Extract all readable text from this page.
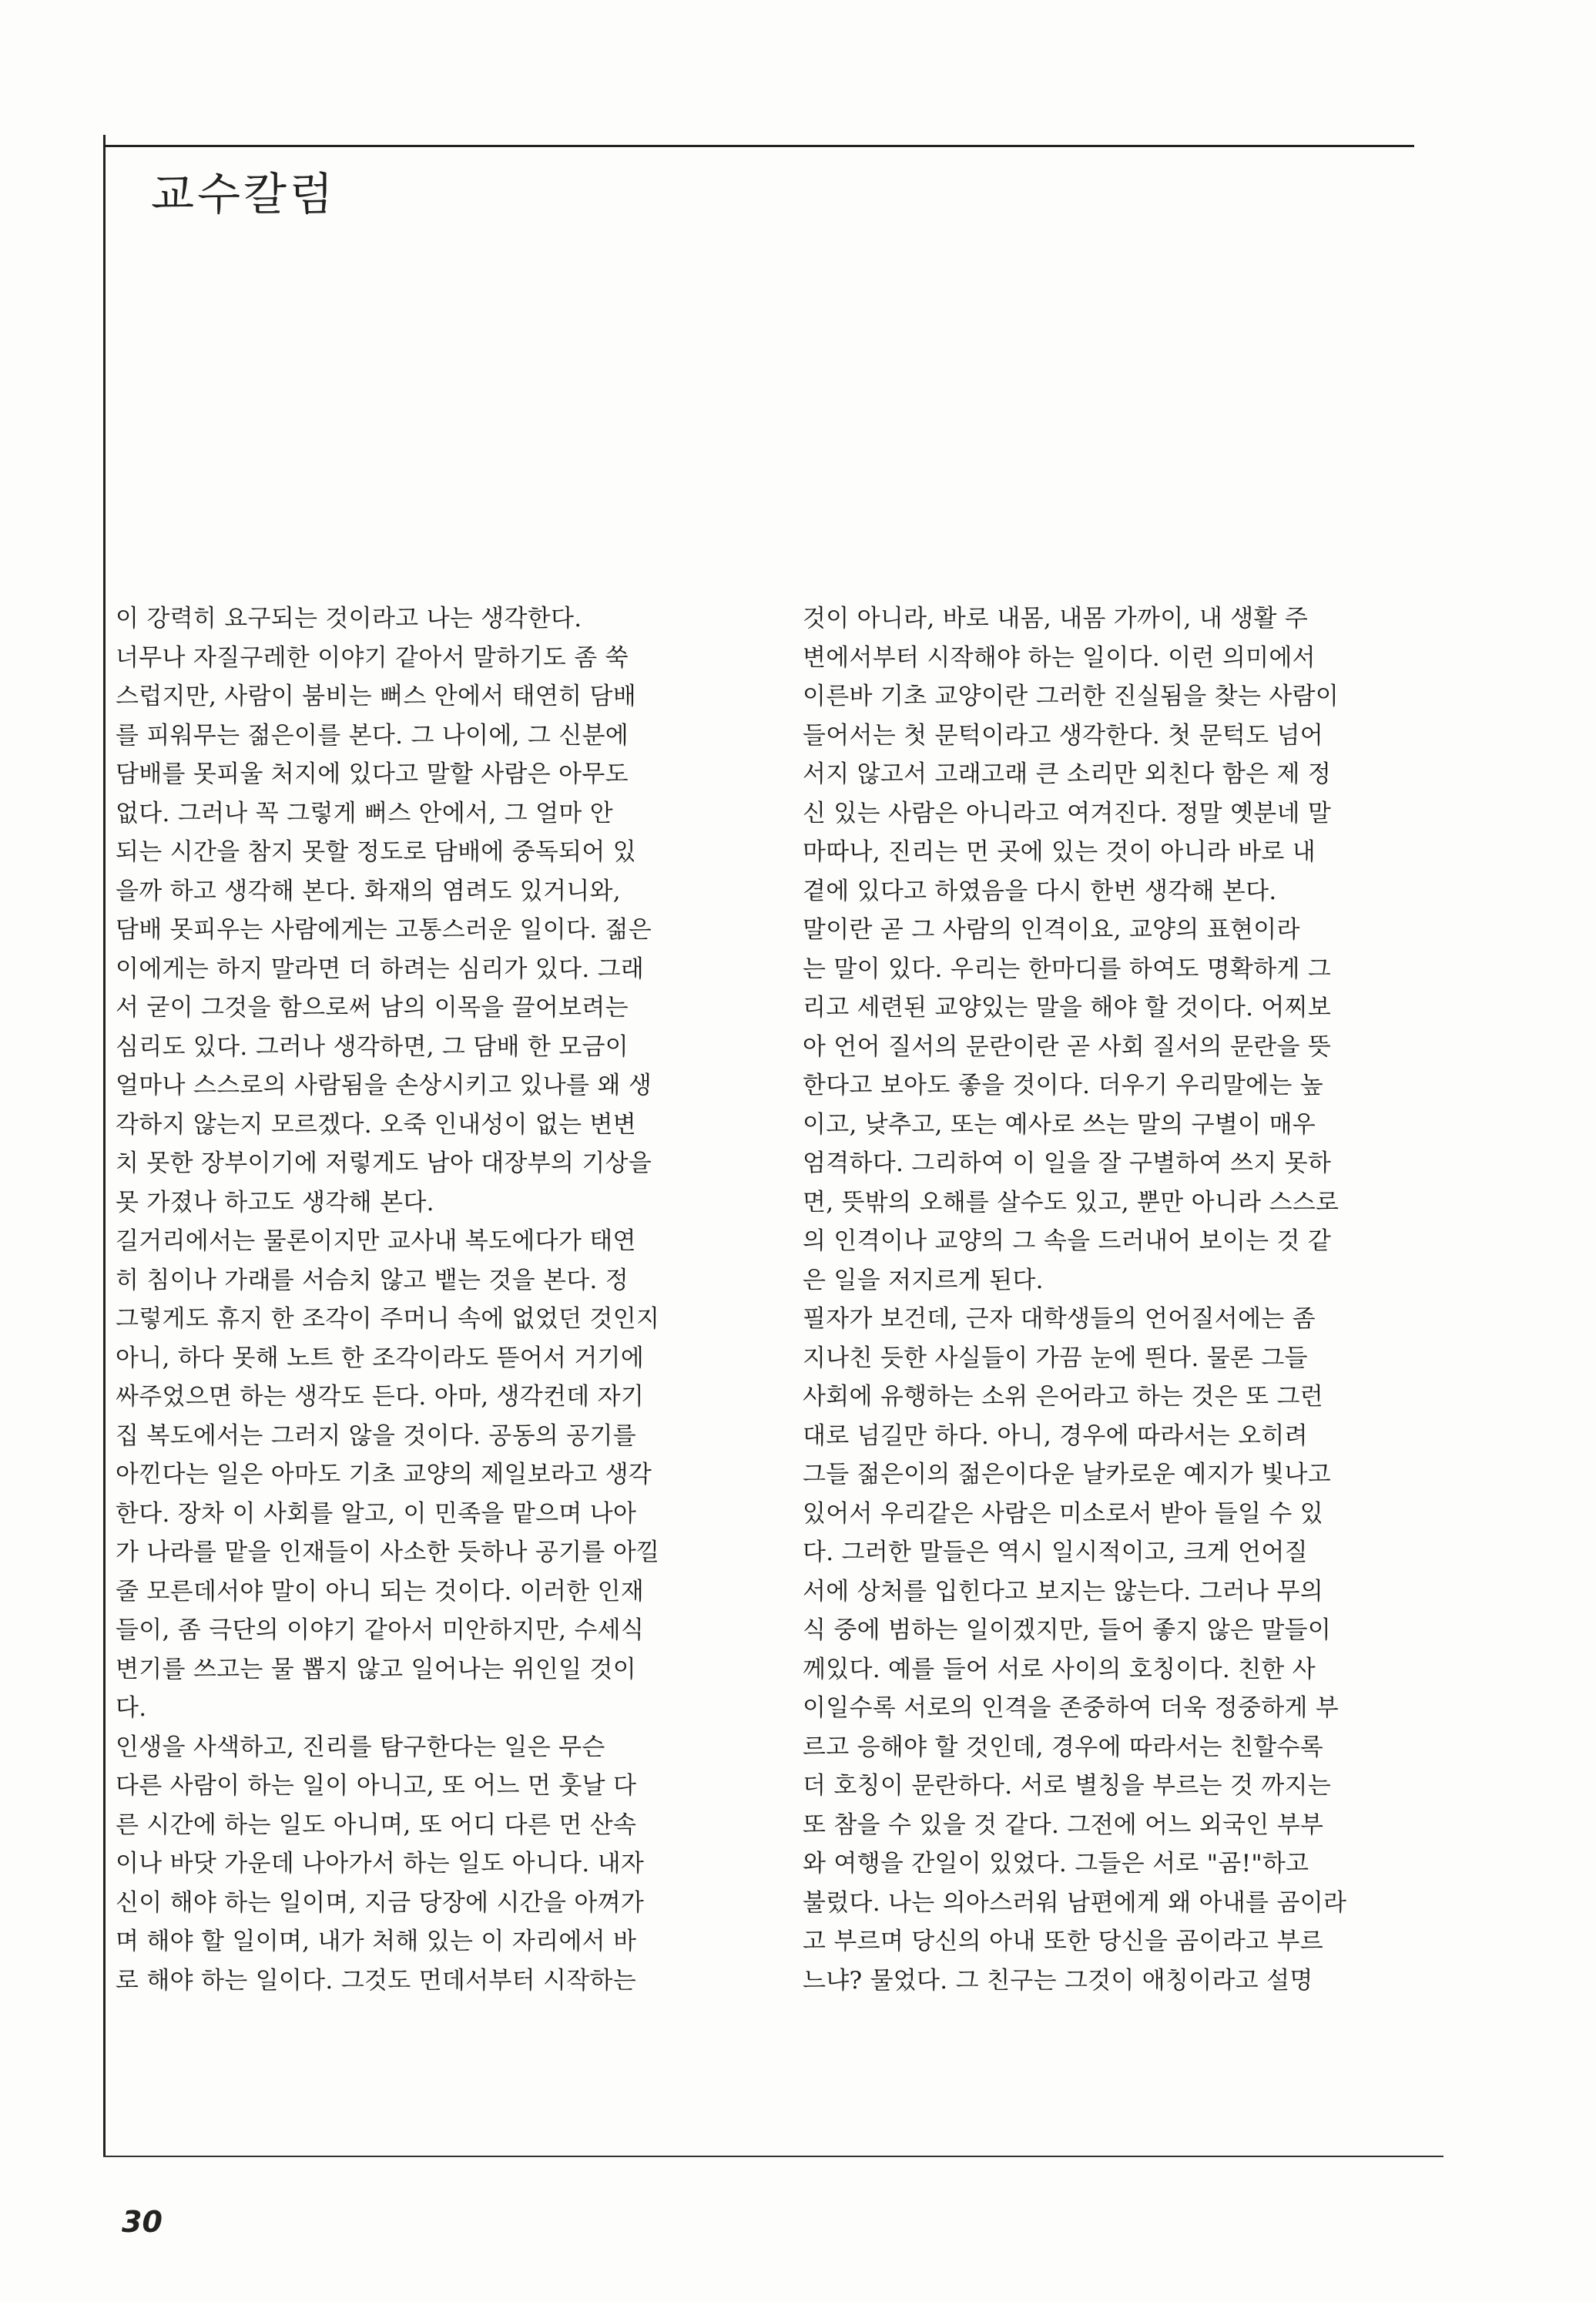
교수칼럼
이 강력히 요구되는 것이라고 나는 생각한다.
너무나 자질구레한 이야기 같아서 말하기도 좀 쑥
스럽지만, 사람이 붐비는 뻐스 안에서 태연히 담배
를 피워무는 젊은이를 본다. 그 나이에, 그 신분에
담배를 못피울 처지에 있다고 말할 사람은 아무도
없다. 그러나 꼭 그렇게 뻐스 안에서, 그 얼마 안
되는 시간을 참지 못할 정도로 담배에 중독되어 있
을까 하고 생각해 본다. 화재의 염려도 있거니와,
담배 못피우는 사람에게는 고통스러운 일이다. 젊은
이에게는 하지 말라면 더 하려는 심리가 있다. 그래
서 굳이 그것을 함으로써 남의 이목을 끌어보려는
심리도 있다. 그러나 생각하면, 그 담배 한 모금이
얼마나 스스로의 사람됨을 손상시키고 있나를 왜 생
각하지 않는지 모르겠다. 오죽 인내성이 없는 변변
치 못한 장부이기에 저렇게도 남아 대장부의 기상을
못 가졌나 하고도 생각해 본다.
길거리에서는 물론이지만 교사내 복도에다가 태연
히 침이나 가래를 서슴치 않고 뱉는 것을 본다. 정
그렇게도 휴지 한 조각이 주머니 속에 없었던 것인지
아니, 하다 못해 노트 한 조각이라도 뜯어서 거기에
싸주었으면 하는 생각도 든다. 아마, 생각컨데 자기
집 복도에서는 그러지 않을 것이다. 공동의 공기를
아낀다는 일은 아마도 기초 교양의 제일보라고 생각
한다. 장차 이 사회를 알고, 이 민족을 맡으며 나아
가 나라를 맡을 인재들이 사소한 듯하나 공기를 아낄
줄 모른데서야 말이 아니 되는 것이다. 이러한 인재
들이, 좀 극단의 이야기 같아서 미안하지만, 수세식
변기를 쓰고는 물 뽑지 않고 일어나는 위인일 것이
다.
인생을 사색하고, 진리를 탐구한다는 일은 무슨
다른 사람이 하는 일이 아니고, 또 어느 먼 훗날 다
른 시간에 하는 일도 아니며, 또 어디 다른 먼 산속
이나 바닷 가운데 나아가서 하는 일도 아니다. 내자
신이 해야 하는 일이며, 지금 당장에 시간을 아껴가
며 해야 할 일이며, 내가 처해 있는 이 자리에서 바
로 해야 하는 일이다. 그것도 먼데서부터 시작하는
것이 아니라, 바로 내몸, 내몸 가까이, 내 생활 주
변에서부터 시작해야 하는 일이다. 이런 의미에서
이른바 기초 교양이란 그러한 진실됨을 찾는 사람이
들어서는 첫 문턱이라고 생각한다. 첫 문턱도 넘어
서지 않고서 고래고래 큰 소리만 외친다 함은 제 정
신 있는 사람은 아니라고 여겨진다. 정말 옛분네 말
마따나, 진리는 먼 곳에 있는 것이 아니라 바로 내
곁에 있다고 하였음을 다시 한번 생각해 본다.
말이란 곧 그 사람의 인격이요, 교양의 표현이라
는 말이 있다. 우리는 한마디를 하여도 명확하게 그
리고 세련된 교양있는 말을 해야 할 것이다. 어찌보
아 언어 질서의 문란이란 곧 사회 질서의 문란을 뜻
한다고 보아도 좋을 것이다. 더우기 우리말에는 높
이고, 낮추고, 또는 예사로 쓰는 말의 구별이 매우
엄격하다. 그리하여 이 일을 잘 구별하여 쓰지 못하
면, 뜻밖의 오해를 살수도 있고, 뿐만 아니라 스스로
의 인격이나 교양의 그 속을 드러내어 보이는 것 같
은 일을 저지르게 된다.
필자가 보건데, 근자 대학생들의 언어질서에는 좀
지나친 듯한 사실들이 가끔 눈에 띈다. 물론 그들
사회에 유행하는 소위 은어라고 하는 것은 또 그런
대로 넘길만 하다. 아니, 경우에 따라서는 오히려
그들 젊은이의 젊은이다운 날카로운 예지가 빛나고
있어서 우리같은 사람은 미소로서 받아 들일 수 있
다. 그러한 말들은 역시 일시적이고, 크게 언어질
서에 상처를 입힌다고 보지는 않는다. 그러나 무의
식 중에 범하는 일이겠지만, 들어 좋지 않은 말들이
께있다. 예를 들어 서로 사이의 호칭이다. 친한 사
이일수록 서로의 인격을 존중하여 더욱 정중하게 부
르고 응해야 할 것인데, 경우에 따라서는 친할수록
더 호칭이 문란하다. 서로 별칭을 부르는 것 까지는
또 참을 수 있을 것 같다. 그전에 어느 외국인 부부
와 여행을 간일이 있었다. 그들은 서로 "곰!"하고
불렀다. 나는 의아스러워 남편에게 왜 아내를 곰이라
고 부르며 당신의 아내 또한 당신을 곰이라고 부르
느냐? 물었다. 그 친구는 그것이 애칭이라고 설명

30
